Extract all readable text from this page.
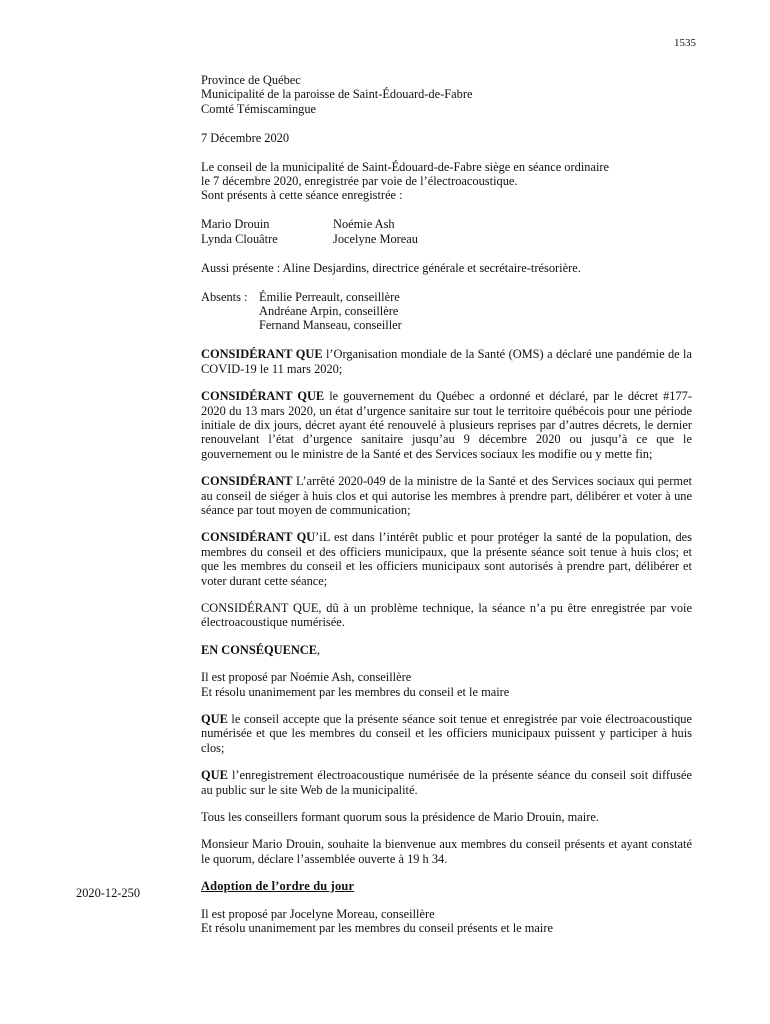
1535
2020-12-250

Province de Québec

Municipalité de la paroisse de Saint-Édouard-de-Fabre

Comté Témiscamingue

7 Décembre 2020

Le conseil de la municipalité de Saint-Édouard-de-Fabre siège en séance ordinaire

le 7 décembre 2020, enregistrée par voie de l’électroacoustique.

Sont présents à cette séance enregistrée :

Mario Drouin	Noémie Ash
Lynda Clouâtre	Jocelyne Moreau

Aussi présente : Aline Desjardins, directrice générale et secrétaire-trésorière.

Absents : Émilie Perreault, conseillère
Andréane Arpin, conseillère
Fernand Manseau, conseiller

CONSIDÉRANT QUE l’Organisation mondiale de la Santé (OMS) a déclaré une pandémie de la COVID-19 le 11 mars 2020;

CONSIDÉRANT QUE le gouvernement du Québec a ordonné et déclaré, par le décret #177-2020 du 13 mars 2020, un état d’urgence sanitaire sur tout le territoire québécois pour une période initiale de dix jours, décret ayant été renouvelé à plusieurs reprises par d’autres décrets, le dernier renouvelant l’état d’urgence sanitaire jusqu’au 9 décembre 2020 ou jusqu’à ce que le gouvernement ou le ministre de la Santé et des Services sociaux les modifie ou y mette fin;

CONSIDÉRANT L’arrêté 2020-049 de la ministre de la Santé et des Services sociaux qui permet au conseil de siéger à huis clos et qui autorise les membres à prendre part, délibérer et voter à une séance par tout moyen de communication;

CONSIDÉRANT QU’iL est dans l’intérêt public et pour protéger la santé de la population, des membres du conseil et des officiers municipaux, que la présente séance soit tenue à huis clos; et que les membres du conseil et les officiers municipaux sont autorisés à prendre part, délibérer et voter durant cette séance;

CONSIDÉRANT QUE, dû à un problème technique, la séance n’a pu être enregistrée par voie électroacoustique numérisée.

EN CONSÉQUENCE,

Il est proposé par Noémie Ash, conseillère

Et résolu unanimement par les membres du conseil et le maire

QUE le conseil accepte que la présente séance soit tenue et enregistrée par voie électroacoustique numérisée et que les membres du conseil et les officiers municipaux puissent y participer à huis clos;

QUE l’enregistrement électroacoustique numérisée de la présente séance du conseil soit diffusée au public sur le site Web de la municipalité.

Tous les conseillers formant quorum sous la présidence de Mario Drouin, maire.

Monsieur Mario Drouin, souhaite la bienvenue aux membres du conseil présents et ayant constaté le quorum, déclare l’assemblée ouverte à 19 h 34.

Adoption de l’ordre du jour

Il est proposé par Jocelyne Moreau, conseillère

Et résolu unanimement par les membres du conseil présents et le maire
